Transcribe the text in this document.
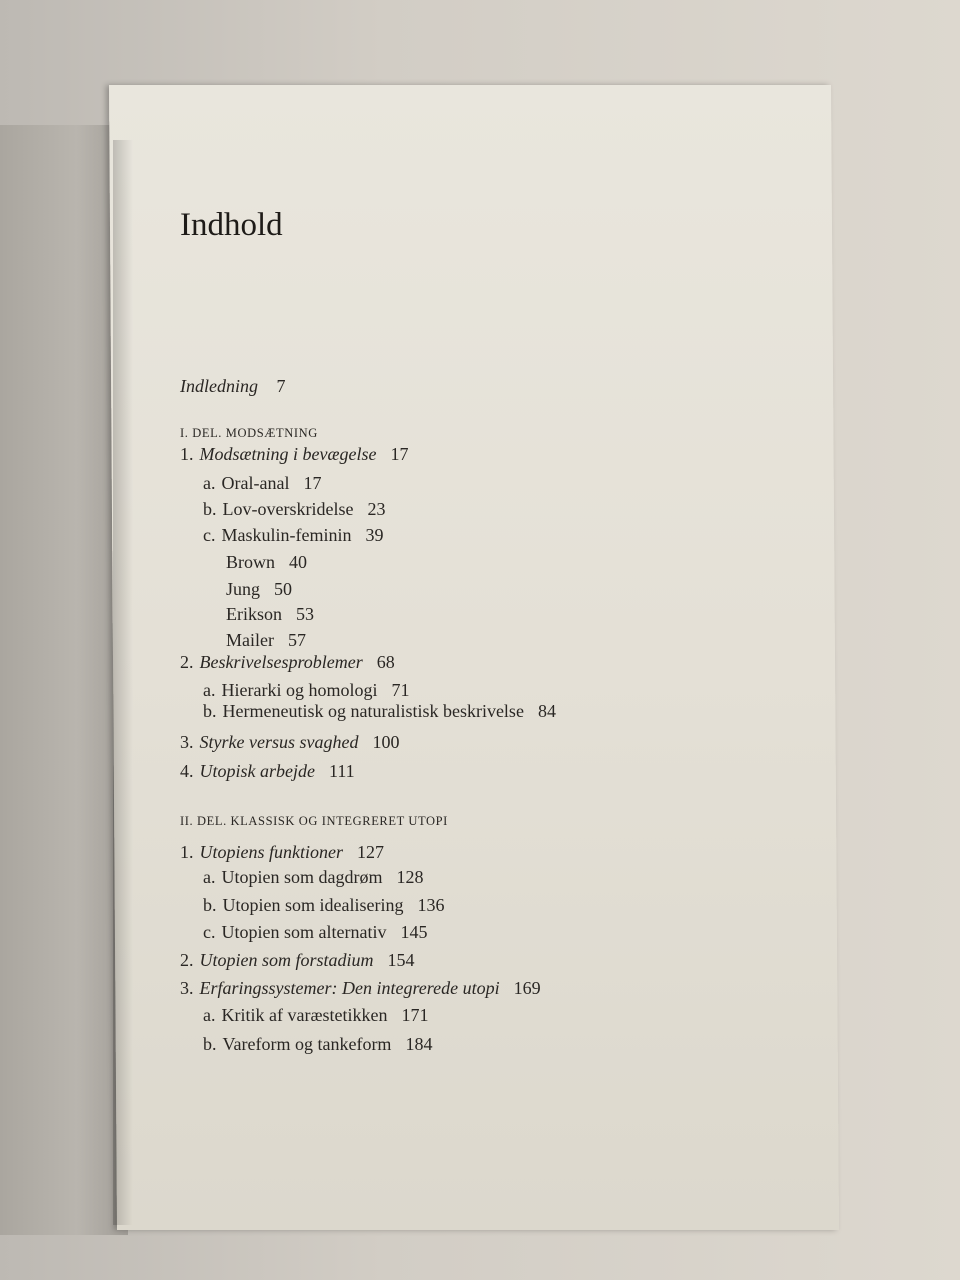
Indhold
Indledning 7
I. DEL. MODSÆTNING
1. Modsætning i bevægelse 17
a. Oral-anal 17
b. Lov-overskridelse 23
c. Maskulin-feminin 39
Brown 40
Jung 50
Erikson 53
Mailer 57
2. Beskrivelsesproblemer 68
a. Hierarki og homologi 71
b. Hermeneutisk og naturalistisk beskrivelse 84
3. Styrke versus svaghed 100
4. Utopisk arbejde 111
II. DEL. KLASSISK OG INTEGRERET UTOPI
1. Utopiens funktioner 127
a. Utopien som dagdrøm 128
b. Utopien som idealisering 136
c. Utopien som alternativ 145
2. Utopien som forstadium 154
3. Erfaringssystemer: Den integrerede utopi 169
a. Kritik af varæstetikken 171
b. Vareform og tankeform 184
